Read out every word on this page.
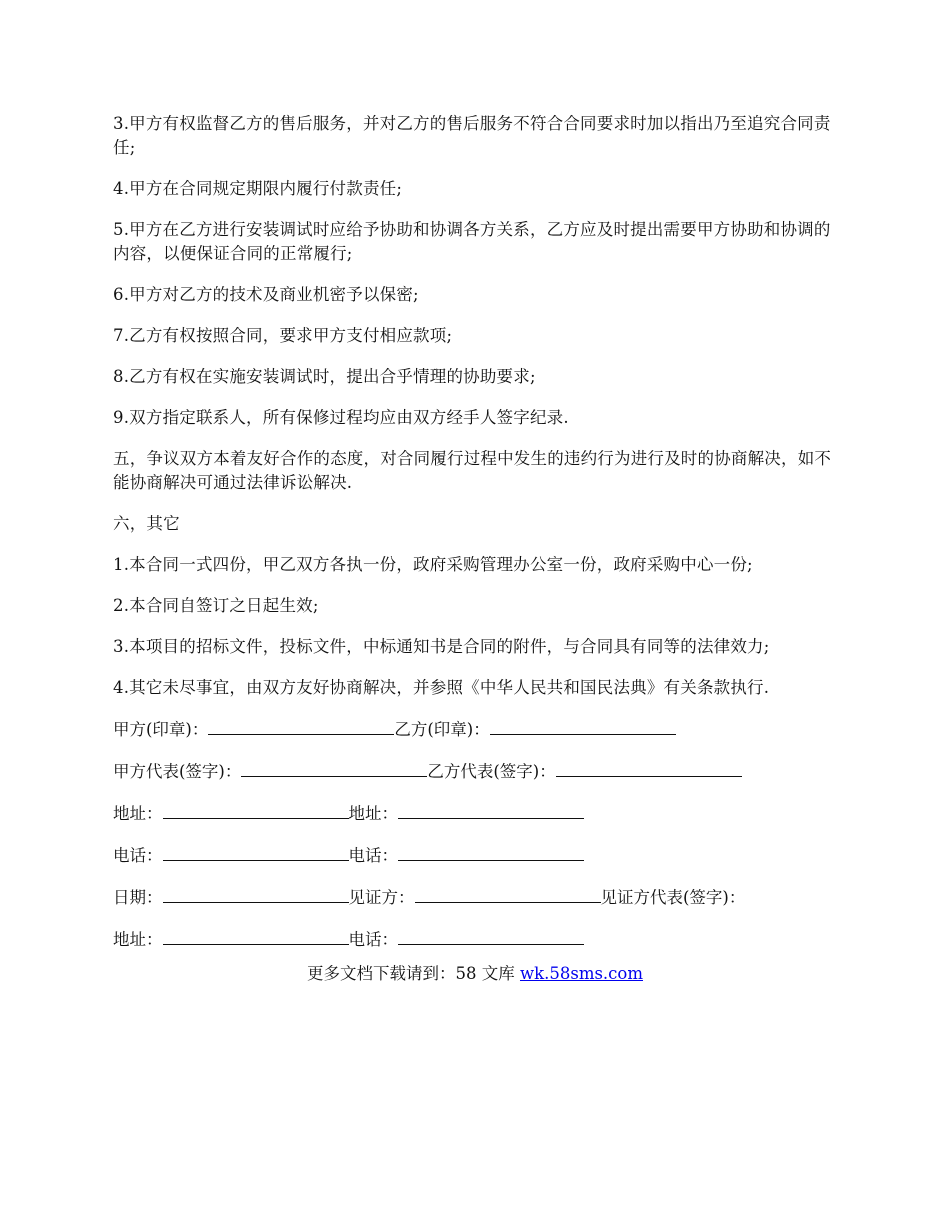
3.甲方有权监督乙方的售后服务，并对乙方的售后服务不符合合同要求时加以指出乃至追究合同责任;

4.甲方在合同规定期限内履行付款责任;

5.甲方在乙方进行安装调试时应给予协助和协调各方关系，乙方应及时提出需要甲方协助和协调的内容，以便保证合同的正常履行;

6.甲方对乙方的技术及商业机密予以保密;

7.乙方有权按照合同，要求甲方支付相应款项;

8.乙方有权在实施安装调试时，提出合乎情理的协助要求;

9.双方指定联系人，所有保修过程均应由双方经手人签字纪录.

五，争议双方本着友好合作的态度，对合同履行过程中发生的违约行为进行及时的协商解决，如不能协商解决可通过法律诉讼解决.

六，其它

1.本合同一式四份，甲乙双方各执一份，政府采购管理办公室一份，政府采购中心一份;

2.本合同自签订之日起生效;

3.本项目的招标文件，投标文件，中标通知书是合同的附件，与合同具有同等的法律效力;

4.其它未尽事宜，由双方友好协商解决，并参照《中华人民共和国民法典》有关条款执行.

甲方(印章)：	乙方(印章)：
甲方代表(签字)：	乙方代表(签字)：
地址：	地址：
电话：	电话：
日期：	见证方：	见证方代表(签字)：
地址：	电话：
更多文档下载请到：58 文库 wk.58sms.com
